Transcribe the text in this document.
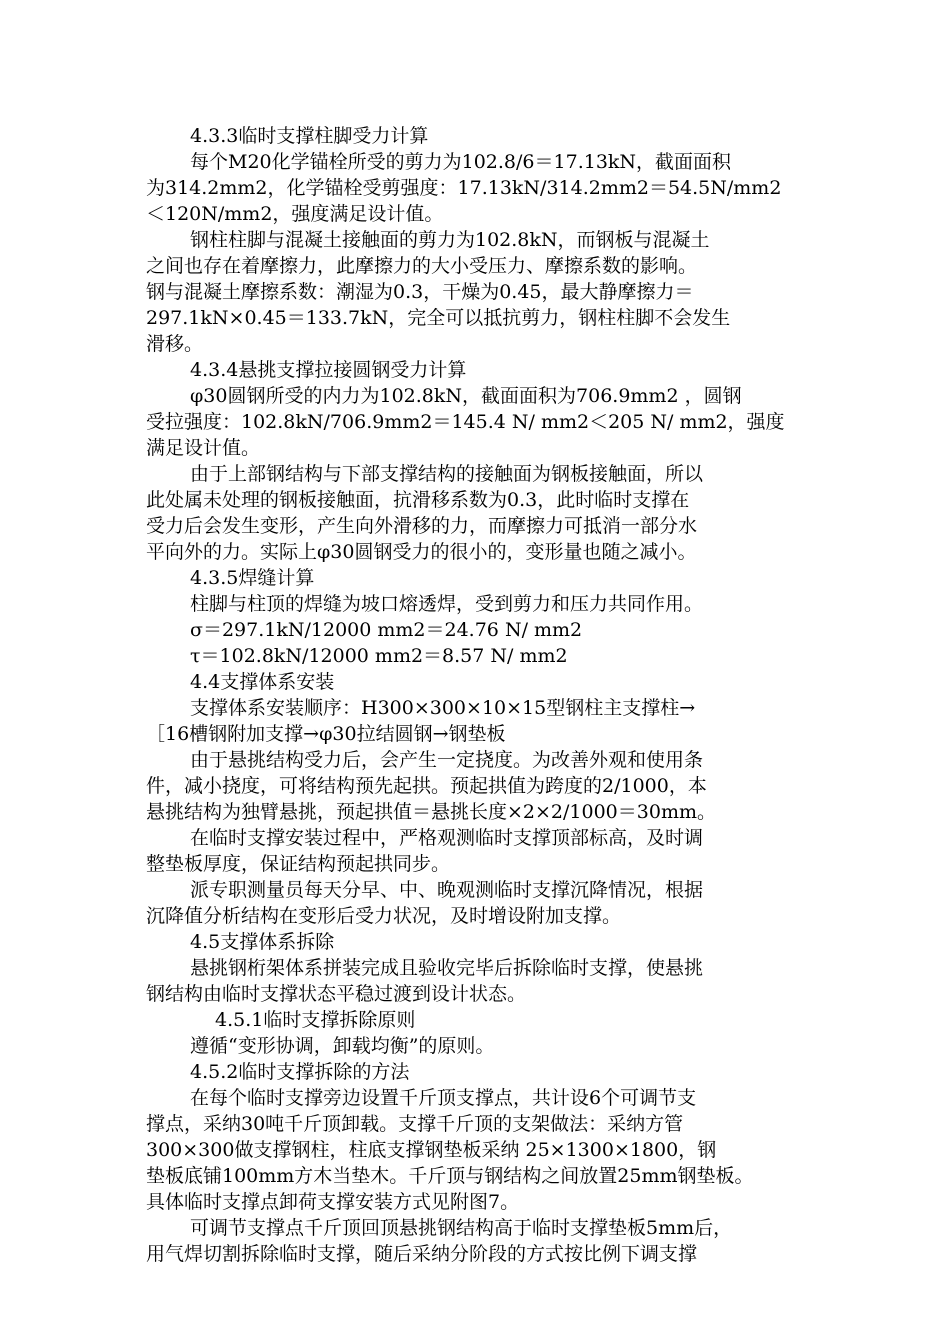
4.3.3临时支撑柱脚受力计算
每个M20化学锚栓所受的剪力为102.8/6＝17.13kN，截面面积
为314.2mm2，化学锚栓受剪强度：17.13kN/314.2mm2＝54.5N/mm2
＜120N/mm2，强度满足设计值。
钢柱柱脚与混凝土接触面的剪力为102.8kN，而钢板与混凝土
之间也存在着摩擦力，此摩擦力的大小受压力、摩擦系数的影响。
钢与混凝土摩擦系数：潮湿为0.3，干燥为0.45，最大静摩擦力＝
297.1kN×0.45＝133.7kN，完全可以抵抗剪力，钢柱柱脚不会发生
滑移。
4.3.4悬挑支撑拉接圆钢受力计算
φ30圆钢所受的内力为102.8kN，截面面积为706.9mm2 ，圆钢
受拉强度：102.8kN/706.9mm2＝145.4 N/ mm2＜205 N/ mm2，强度
满足设计值。
由于上部钢结构与下部支撑结构的接触面为钢板接触面，所以
此处属未处理的钢板接触面，抗滑移系数为0.3，此时临时支撑在
受力后会发生变形，产生向外滑移的力，而摩擦力可抵消一部分水
平向外的力。实际上φ30圆钢受力的很小的，变形量也随之减小。
4.3.5焊缝计算
柱脚与柱顶的焊缝为坡口熔透焊，受到剪力和压力共同作用。
σ＝297.1kN/12000 mm2＝24.76 N/ mm2
τ＝102.8kN/12000 mm2＝8.57 N/ mm2
4.4支撑体系安装
支撑体系安装顺序：H300×300×10×15型钢柱主支撑柱→
［16槽钢附加支撑→φ30拉结圆钢→钢垫板
由于悬挑结构受力后，会产生一定挠度。为改善外观和使用条
件，减小挠度，可将结构预先起拱。预起拱值为跨度的2/1000，本
悬挑结构为独臂悬挑，预起拱值＝悬挑长度×2×2/1000＝30mm。
在临时支撑安装过程中，严格观测临时支撑顶部标高，及时调
整垫板厚度，保证结构预起拱同步。
派专职测量员每天分早、中、晚观测临时支撑沉降情况，根据
沉降值分析结构在变形后受力状况，及时增设附加支撑。
4.5支撑体系拆除
悬挑钢桁架体系拼装完成且验收完毕后拆除临时支撑，使悬挑
钢结构由临时支撑状态平稳过渡到设计状态。
4.5.1临时支撑拆除原则
遵循“变形协调，卸载均衡”的原则。
4.5.2临时支撑拆除的方法
在每个临时支撑旁边设置千斤顶支撑点，共计设6个可调节支
撑点，采纳30吨千斤顶卸载。支撑千斤顶的支架做法：采纳方管
300×300做支撑钢柱，柱底支撑钢垫板采纳 25×1300×1800，钢
垫板底铺100mm方木当垫木。千斤顶与钢结构之间放置25mm钢垫板。
具体临时支撑点卸荷支撑安装方式见附图7。
可调节支撑点千斤顶回顶悬挑钢结构高于临时支撑垫板5mm后，
用气焊切割拆除临时支撑，随后采纳分阶段的方式按比例下调支撑
